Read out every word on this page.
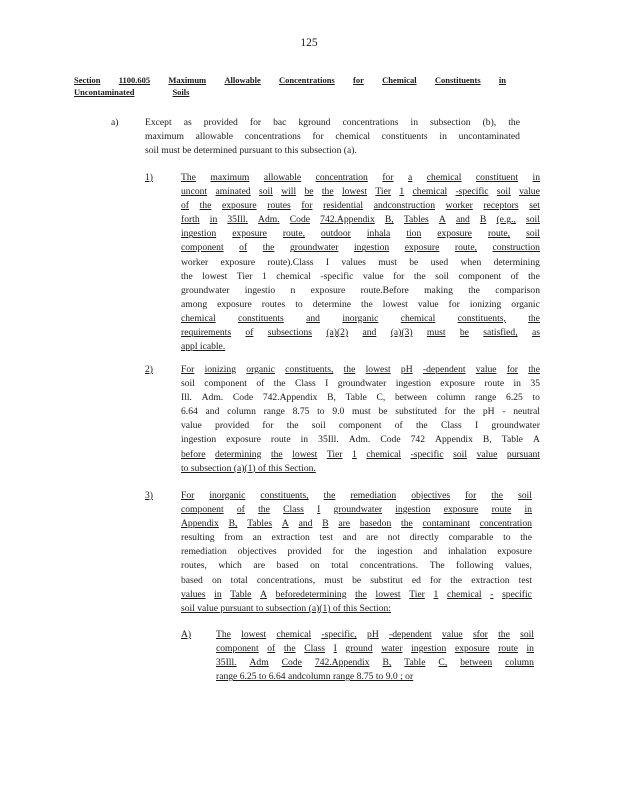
125
Section 1100.605 Maximum Allowable Concentrations for Chemical Constituents in
Uncontaminated	Soils
a)	Except as provided for bac kground concentrations in subsection (b), the
maximum allowable concentrations for chemical constituents in uncontaminated
soil must be determined pursuant to this subsection (a).
1)	The maximum allowable concentration for a chemical constituent in
uncont aminated soil will be the lowest Tier 1 chemical -specific soil value
of the exposure routes for residential andconstruction worker receptors set
forth in 35Ill. Adm. Code 742.Appendix B, Tables A and B (e.g., soil
ingestion exposure route, outdoor inhala tion exposure route, soil
component of the groundwater ingestion exposure route, construction
worker exposure route).Class I values must be used when determining
the lowest Tier 1 chemical -specific value for the soil component of the
groundwater ingestio n exposure route.Before making the comparison
among exposure routes to determine the lowest value for ionizing organic
chemical constituents and inorganic chemical constituents, the
requirements of subsections (a)(2) and (a)(3) must be satisfied, as
appl icable.
2)	For ionizing organic constituents, the lowest pH -dependent value for the
soil component of the Class I groundwater ingestion exposure route in 35
Ill. Adm. Code 742.Appendix B, Table C, between column range 6.25 to
6.64 and column range 8.75 to 9.0 must be substituted for the pH - neutral
value provided for the soil component of the Class I groundwater
ingestion exposure route in 35Ill. Adm. Code 742 Appendix B, Table A
before determining the lowest Tier 1 chemical -specific soil value pursuant
to subsection (a)(1) of this Section.
3)	For inorganic constituents, the remediation objectives for the soil
component of the Class I groundwater ingestion exposure route in
Appendix B, Tables A and B are basedon the contaminant concentration
resulting from an extraction test and are not directly comparable to the
remediation objectives provided for the ingestion and inhalation exposure
routes, which are based on total concentrations. The following values,
based on total concentrations, must be substitut ed for the extraction test
values in Table A beforedetermining the lowest Tier 1 chemical - specific
soil value pursuant to subsection (a)(1) of this Section:
A)	The lowest chemical -specific, pH -dependent value sfor the soil
component of the Class I ground water ingestion exposure route in
35Ill. Adm Code 742.Appendix B, Table C, between column
range 6.25 to 6.64 andcolumn range 8.75 to 9.0 ; or
